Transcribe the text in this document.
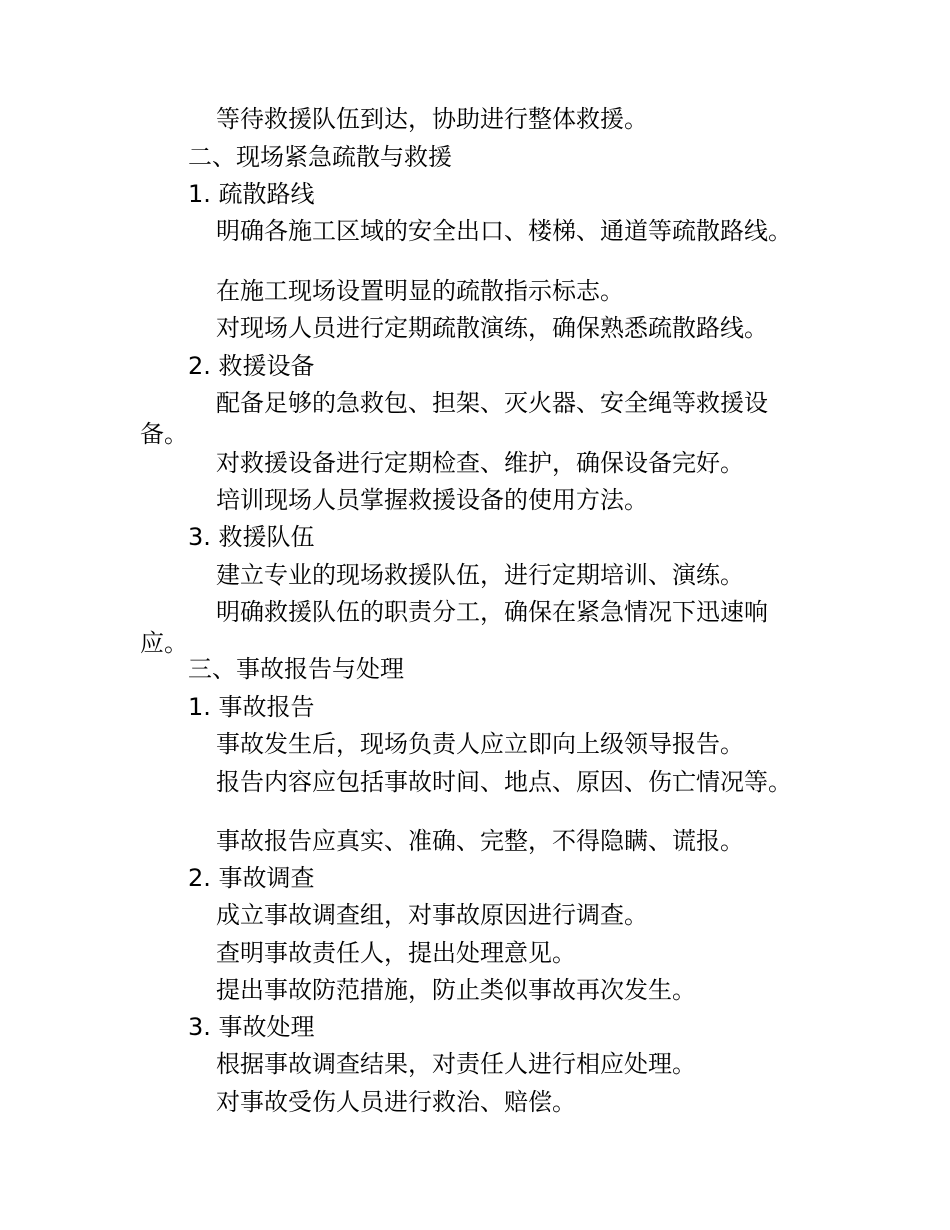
等待救援队伍到达，协助进行整体救援。
二、现场紧急疏散与救援
1. 疏散路线
明确各施工区域的安全出口、楼梯、通道等疏散路线。
在施工现场设置明显的疏散指示标志。
对现场人员进行定期疏散演练，确保熟悉疏散路线。
2. 救援设备
配备足够的急救包、担架、灭火器、安全绳等救援设备。
对救援设备进行定期检查、维护，确保设备完好。
培训现场人员掌握救援设备的使用方法。
3. 救援队伍
建立专业的现场救援队伍，进行定期培训、演练。
明确救援队伍的职责分工，确保在紧急情况下迅速响应。
三、事故报告与处理
1. 事故报告
事故发生后，现场负责人应立即向上级领导报告。
报告内容应包括事故时间、地点、原因、伤亡情况等。
事故报告应真实、准确、完整，不得隐瞒、谎报。
2. 事故调查
成立事故调查组，对事故原因进行调查。
查明事故责任人，提出处理意见。
提出事故防范措施，防止类似事故再次发生。
3. 事故处理
根据事故调查结果，对责任人进行相应处理。
对事故受伤人员进行救治、赔偿。
